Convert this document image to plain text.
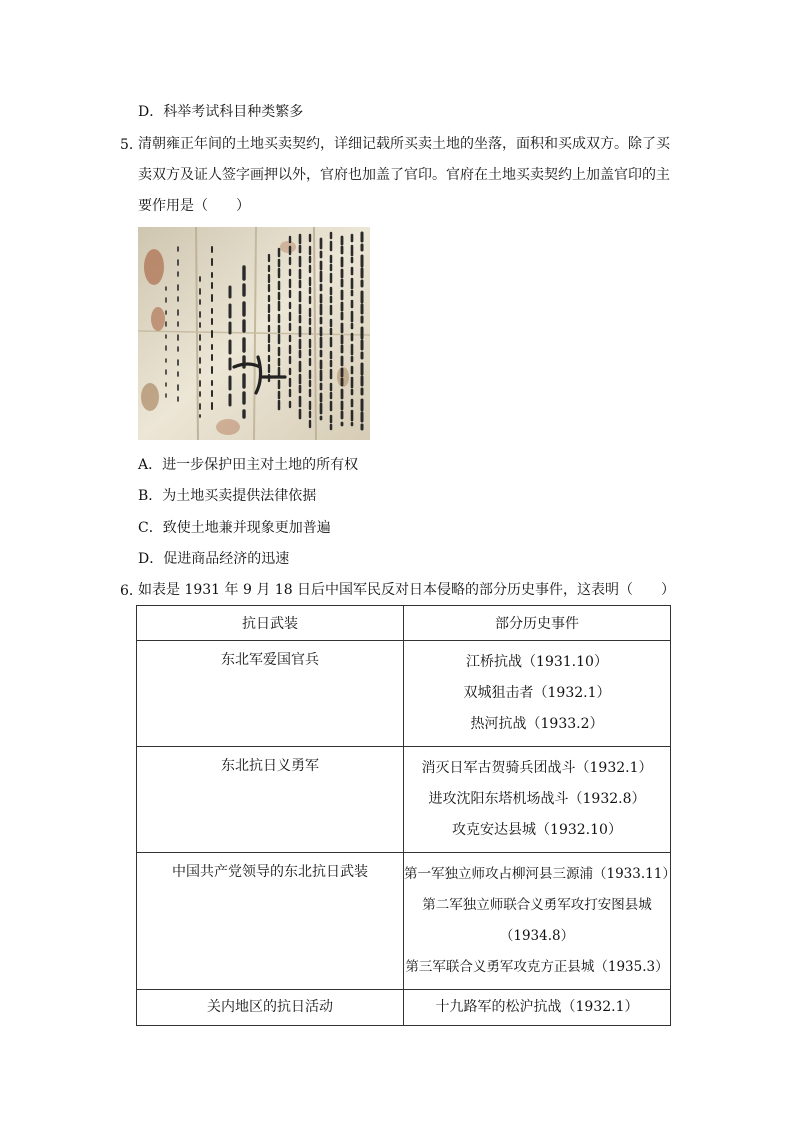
D．科举考试科目种类繁多
5．
清朝雍正年间的土地买卖契约，详细记载所买卖土地的坐落，面积和买成双方。除了买
卖双方及证人签字画押以外，官府也加盖了官印。官府在土地买卖契约上加盖官印的主
要作用是（　　）
A．进一步保护田主对土地的所有权
B．为土地买卖提供法律依据
C．致使土地兼并现象更加普遍
D．促进商品经济的迅速
6．
如表是 1931 年 9 月 18 日后中国军民反对日本侵略的部分历史事件，这表明（　　）
抗日武装	部分历史事件
东北军爱国官兵	江桥抗战（1931.10）
双城狙击者（1932.1）
热河抗战（1933.2）

东北抗日义勇军	消灭日军古贺骑兵团战斗（1932.1）
进攻沈阳东塔机场战斗（1932.8）
攻克安达县城（1932.10）

中国共产党领导的东北抗日武装	第一军独立师攻占柳河县三源浦（1933.11）
第二军独立师联合义勇军攻打安图县城
（1934.8）
第三军联合义勇军攻克方正县城（1935.3）

关内地区的抗日活动	十九路军的松沪抗战（1932.1）
